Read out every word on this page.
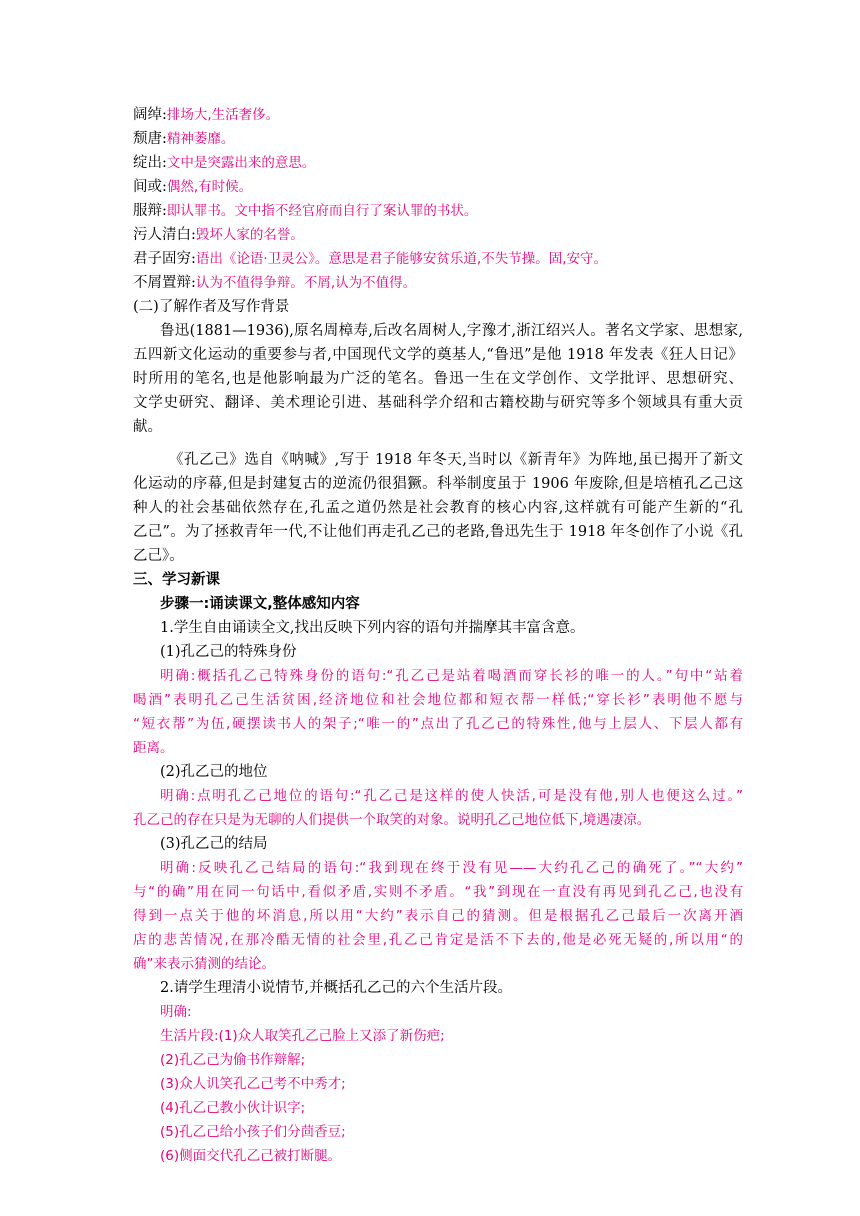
阔绰:排场大,生活奢侈。
颓唐:精神萎靡。
绽出:文中是突露出来的意思。
间或:偶然,有时候。
服辩:即认罪书。文中指不经官府而自行了案认罪的书状。
污人清白:毁坏人家的名誉。
君子固穷:语出《论语·卫灵公》。意思是君子能够安贫乐道,不失节操。固,安守。
不屑置辩:认为不值得争辩。不屑,认为不值得。
(二)了解作者及写作背景
鲁迅(1881—1936),原名周樟寿,后改名周树人,字豫才,浙江绍兴人。著名文学家、思想家,
五四新文化运动的重要参与者,中国现代文学的奠基人,“鲁迅”是他 1918 年发表《狂人日记》
时所用的笔名,也是他影响最为广泛的笔名。鲁迅一生在文学创作、文学批评、思想研究、
文学史研究、翻译、美术理论引进、基础科学介绍和古籍校勘与研究等多个领域具有重大贡
献。
《孔乙己》选自《呐喊》,写于 1918 年冬天,当时以《新青年》为阵地,虽已揭开了新文
化运动的序幕,但是封建复古的逆流仍很猖獗。科举制度虽于 1906 年废除,但是培植孔乙己这
种人的社会基础依然存在,孔孟之道仍然是社会教育的核心内容,这样就有可能产生新的“孔
乙己”。为了拯救青年一代,不让他们再走孔乙己的老路,鲁迅先生于 1918 年冬创作了小说《孔
乙己》。
三、学习新课
步骤一:诵读课文,整体感知内容
1.学生自由诵读全文,找出反映下列内容的语句并揣摩其丰富含意。
(1)孔乙己的特殊身份
明确:概括孔乙己特殊身份的语句:“孔乙己是站着喝酒而穿长衫的唯一的人。”句中“站着
喝酒”表明孔乙己生活贫困,经济地位和社会地位都和短衣帮一样低;“穿长衫”表明他不愿与
“短衣帮”为伍,硬摆读书人的架子;“唯一的”点出了孔乙己的特殊性,他与上层人、下层人都有
距离。
(2)孔乙己的地位
明确:点明孔乙己地位的语句:“孔乙己是这样的使人快活,可是没有他,别人也便这么过。”
孔乙己的存在只是为无聊的人们提供一个取笑的对象。说明孔乙己地位低下,境遇凄凉。
(3)孔乙己的结局
明确:反映孔乙己结局的语句:“我到现在终于没有见——大约孔乙己的确死了。”“大约”
与“的确”用在同一句话中,看似矛盾,实则不矛盾。“我”到现在一直没有再见到孔乙己,也没有
得到一点关于他的坏消息,所以用“大约”表示自己的猜测。但是根据孔乙己最后一次离开酒
店的悲苦情况,在那冷酷无情的社会里,孔乙己肯定是活不下去的,他是必死无疑的,所以用“的
确”来表示猜测的结论。
2.请学生理清小说情节,并概括孔乙己的六个生活片段。
明确:
生活片段:(1)众人取笑孔乙己脸上又添了新伤疤;
(2)孔乙己为偷书作辩解;
(3)众人讥笑孔乙己考不中秀才;
(4)孔乙己教小伙计识字;
(5)孔乙己给小孩子们分茴香豆;
(6)侧面交代孔乙己被打断腿。
